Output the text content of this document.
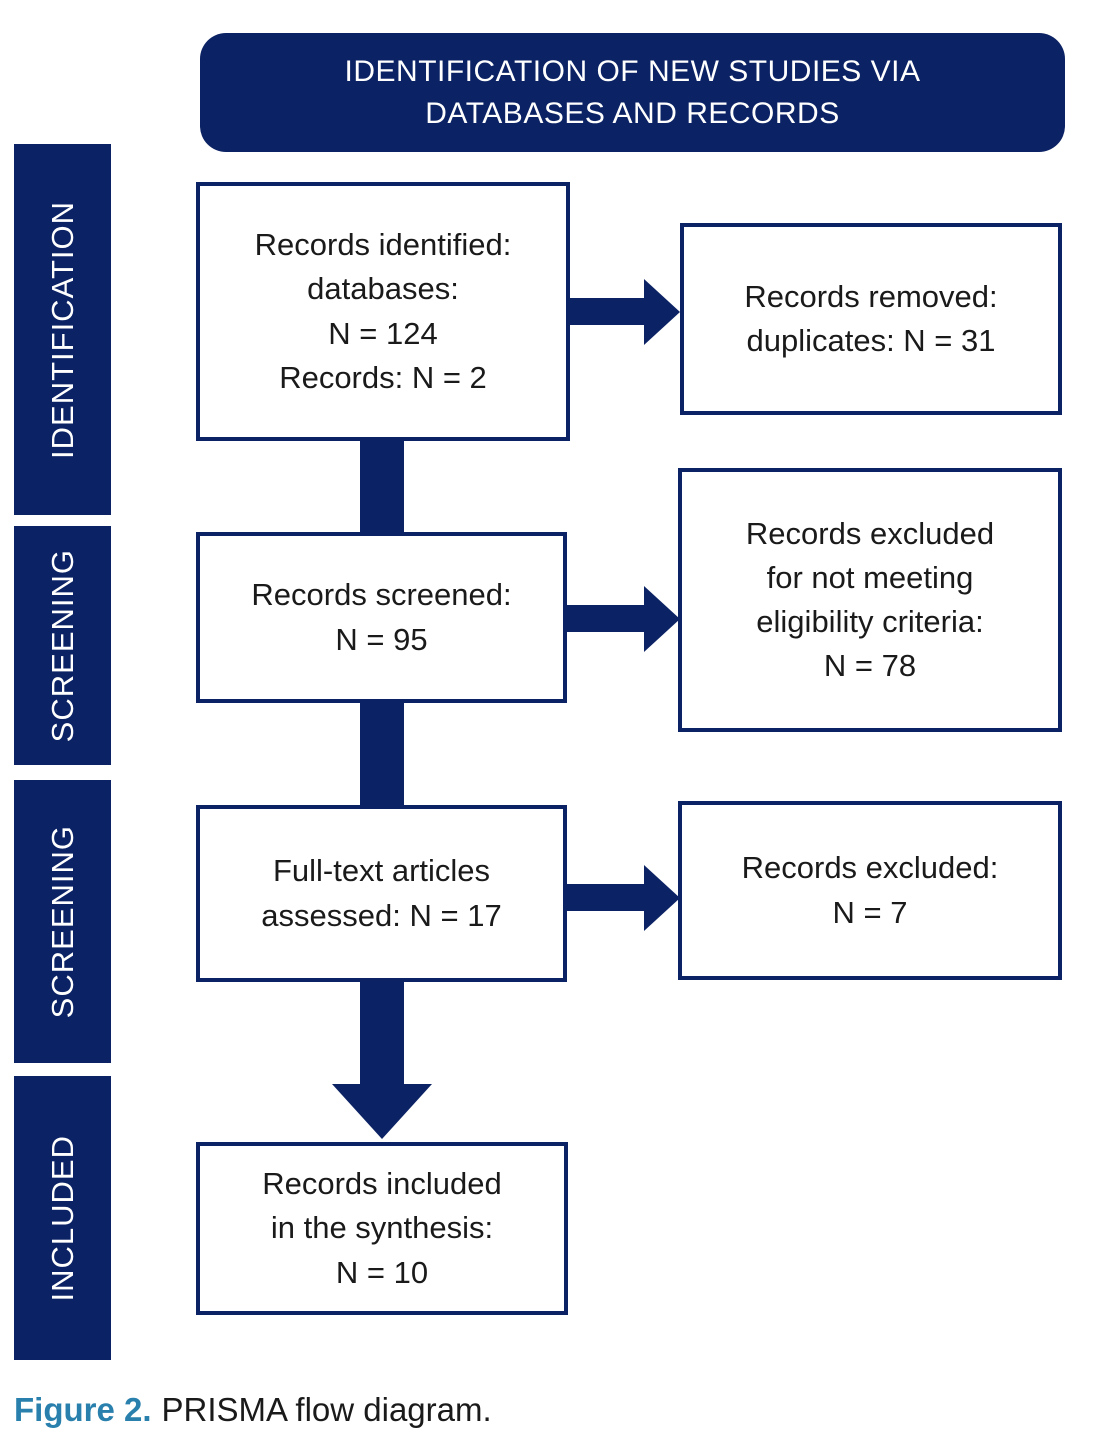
IDENTIFICATION OF NEW STUDIES VIA DATABASES AND RECORDS
IDENTIFICATION
SCREENING
SCREENING
INCLUDED
Records identified:
databases:
N = 124
Records: N = 2
Records screened:
N = 95
Full-text articles
assessed: N = 17
Records included
in the synthesis:
N = 10
Records removed:
duplicates: N = 31
Records excluded
for not meeting
eligibility criteria:
N = 78
Records excluded:
N = 7
Figure 2. PRISMA flow diagram.
